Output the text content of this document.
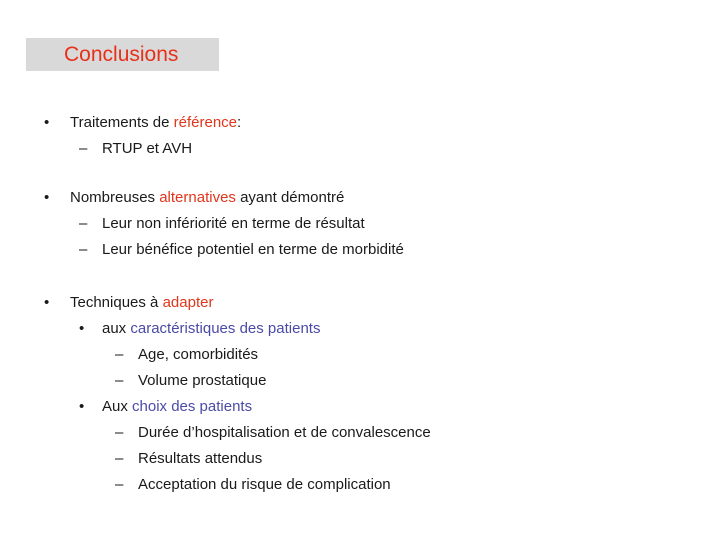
Conclusions
• Traitements de référence:
– RTUP et AVH
• Nombreuses alternatives ayant démontré
– Leur non infériorité en terme de résultat
– Leur bénéfice potentiel en terme de morbidité
• Techniques à adapter
• aux caractéristiques des patients
– Age, comorbidités
– Volume prostatique
• Aux choix des patients
– Durée d’hospitalisation et de convalescence
– Résultats attendus
– Acceptation du risque de complication
